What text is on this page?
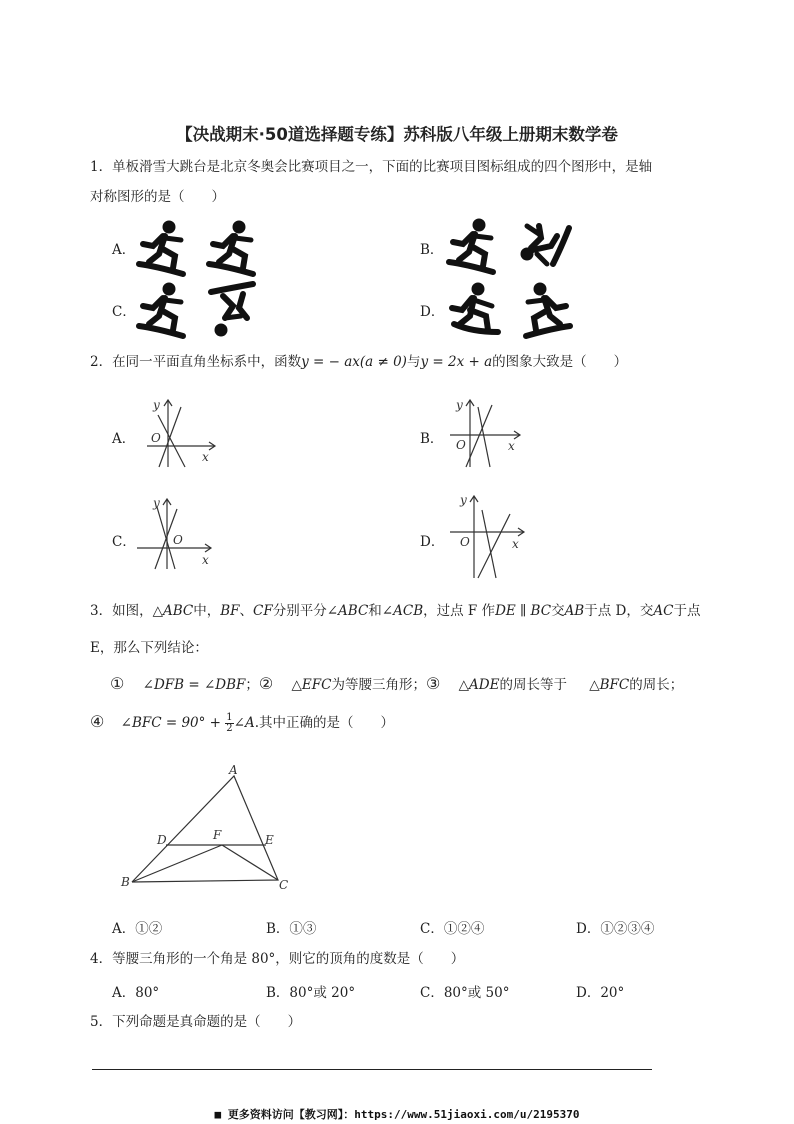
【决战期末·50道选择题专练】苏科版八年级上册期末数学卷
1．单板滑雪大跳台是北京冬奥会比赛项目之一，下面的比赛项目图标组成的四个图形中，是轴
对称图形的是（　　）
A．	B．
C．	D．
2．在同一平面直角坐标系中，函数y = − ax(a ≠ 0)与y = 2x + a的图象大致是（　　）
A．	B．
C．	D．
y
x
O
y
x
O
y
x
O
y
x
O
3．如图，△ABC中，BF、CF分别平分∠ABC和∠ACB，过点 F 作DE ∥ BC交AB于点 D，交AC于点
E，那么下列结论：
① ∠DFB = ∠DBF；② △EFC为等腰三角形；③ △ADE的周长等于 △BFC的周长；
④ ∠BFC = $90^\circ + \frac{1}{2}$ ∠A.其中正确的是（　　）
A
B	C
D	E
F
A．①②	B．①③	C．①②④	D．①②③④
4．等腰三角形的一个角是 80°，则它的顶角的度数是（　　）
A．80°	B．80°或 20°	C．80°或 50°	D．20°
5．下列命题是真命题的是（　　）
■ 更多资料访问【教习网】：https://www.51jiaoxi.com/u/2195370
